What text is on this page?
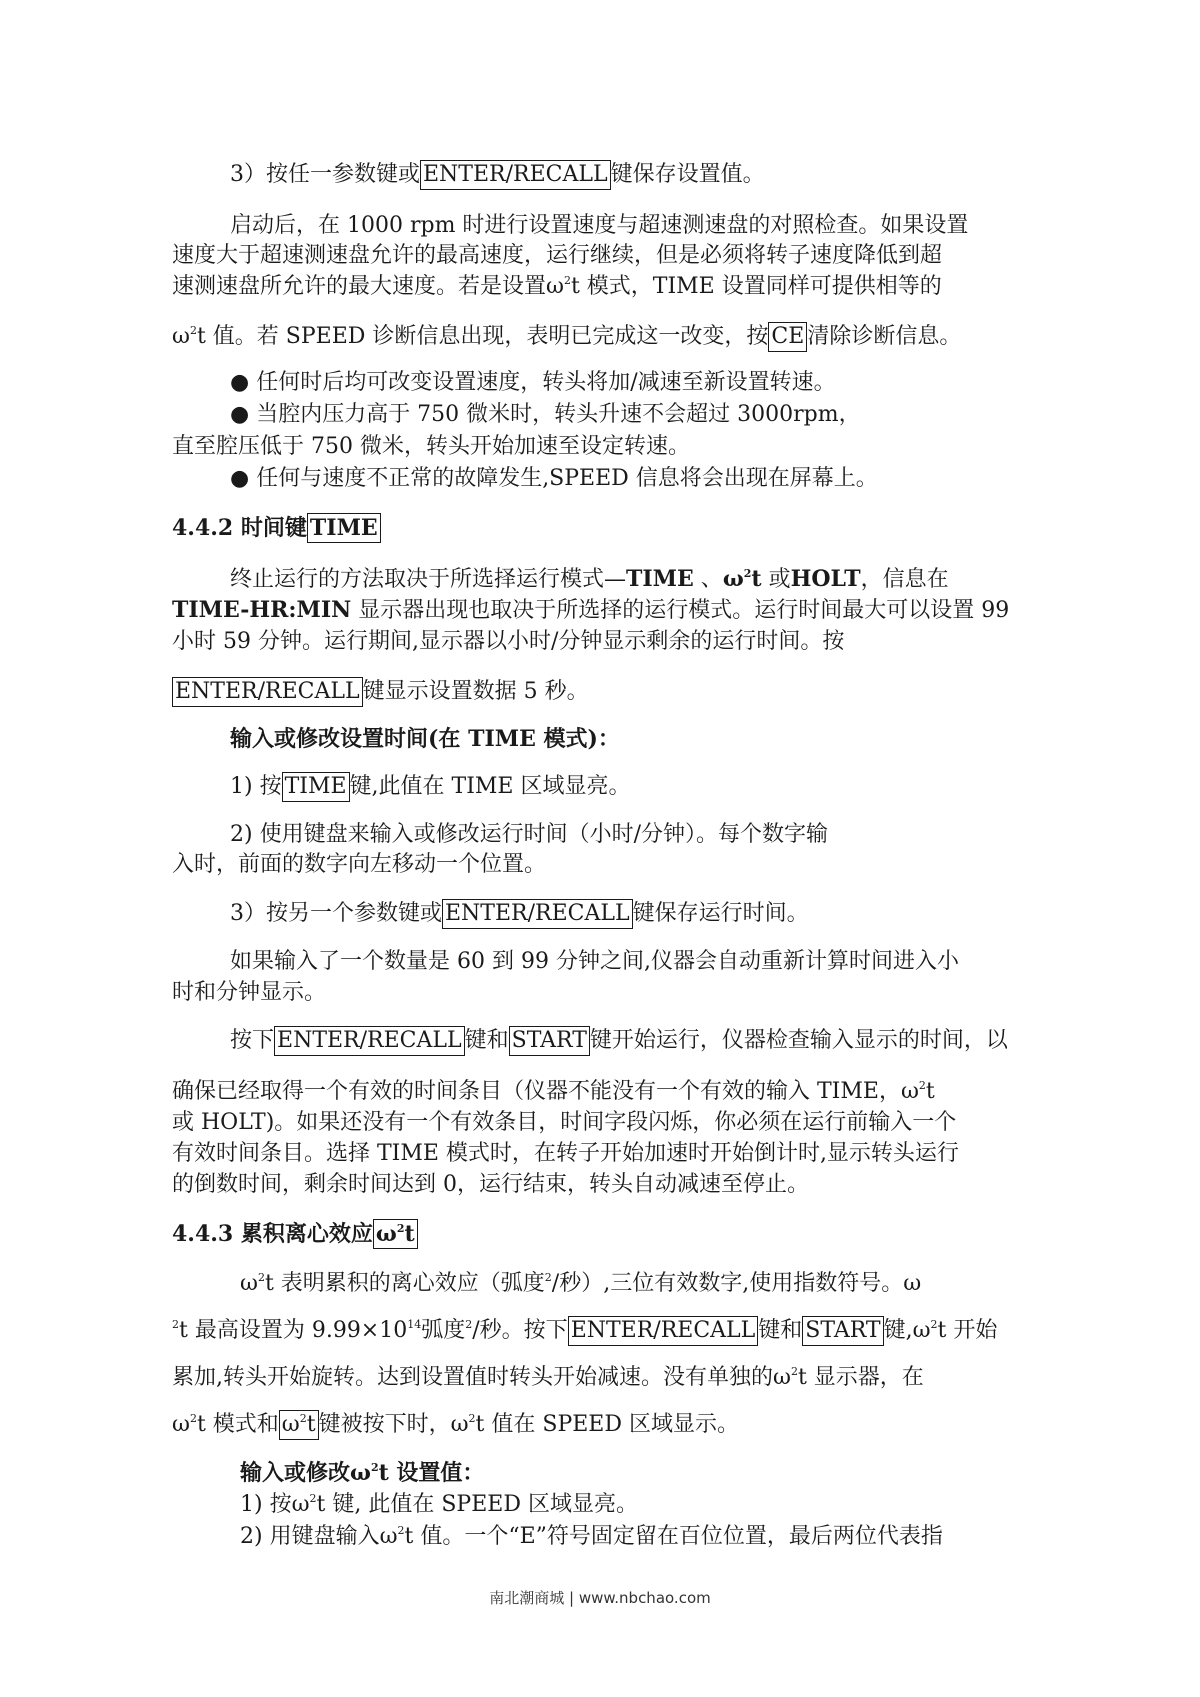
3）按任一参数键或 ENTER/RECALL 键保存设置值。
启动后，在 1000 rpm 时进行设置速度与超速测速盘的对照检查。如果设置
速度大于超速测速盘允许的最高速度，运行继续，但是必须将转子速度降低到超
速测速盘所允许的最大速度。若是设置$\omega^2t$ 模式，TIME 设置同样可提供相等的
$\omega^2t$ 值。若 SPEED 诊断信息出现，表明已完成这一改变，按 CE 清除诊断信息。
● 任何时后均可改变设置速度，转头将加/减速至新设置转速。
● 当腔内压力高于 750 微米时，转头升速不会超过 3000rpm，
直至腔压低于 750 微米，转头开始加速至设定转速。
● 任何与速度不正常的故障发生,SPEED 信息将会出现在屏幕上。
4.4.2 时间键 TIME
终止运行的方法取决于所选择运行模式—TIME 、$\omega^2t$ 或HOLT，信息在
TIME-HR:MIN 显示器出现也取决于所选择的运行模式。运行时间最大可以设置 99
小时 59 分钟。运行期间,显示器以小时/分钟显示剩余的运行时间。按
ENTER/RECALL 键显示设置数据 5 秒。
输入或修改设置时间(在 TIME 模式)：
1) 按 TIME 键,此值在 TIME 区域显亮。
2) 使用键盘来输入或修改运行时间（小时/分钟）。每个数字输
入时，前面的数字向左移动一个位置。
3）按另一个参数键或 ENTER/RECALL 键保存运行时间。
如果输入了一个数量是 60 到 99 分钟之间,仪器会自动重新计算时间进入小
时和分钟显示。
按下 ENTER/RECALL 键和 START 键开始运行，仪器检查输入显示的时间，以
确保已经取得一个有效的时间条目（仪器不能没有一个有效的输入 TIME，$\omega^2t$
或 HOLT)。如果还没有一个有效条目，时间字段闪烁，你必须在运行前输入一个
有效时间条目。选择 TIME 模式时，在转子开始加速时开始倒计时,显示转头运行
的倒数时间，剩余时间达到 0，运行结束，转头自动减速至停止。
4.4.3 累积离心效应 $\omega^2t$
$\omega^2t$ 表明累积的离心效应（弧度$^2$/秒）,三位有效数字,使用指数符号。ω
$^2$t 最高设置为 $9.99\times 10^{14}$弧度$^2$/秒。按下 ENTER/RECALL 键和 START 键$,\omega^2t$ 开始
累加,转头开始旋转。达到设置值时转头开始减速。没有单独的$\omega^2t$ 显示器，在
$\omega^2t$ 模式和 $\omega^2t$ 键被按下时，$\omega^2t$ 值在 SPEED 区域显示。
输入或修改$\omega^2t$ 设置值：
1) 按$\omega^2t$ 键, 此值在 SPEED 区域显亮。
2) 用键盘输入$\omega^2t$ 值。一个“E”符号固定留在百位位置，最后两位代表指
南北潮商城 | www.nbchao.com
